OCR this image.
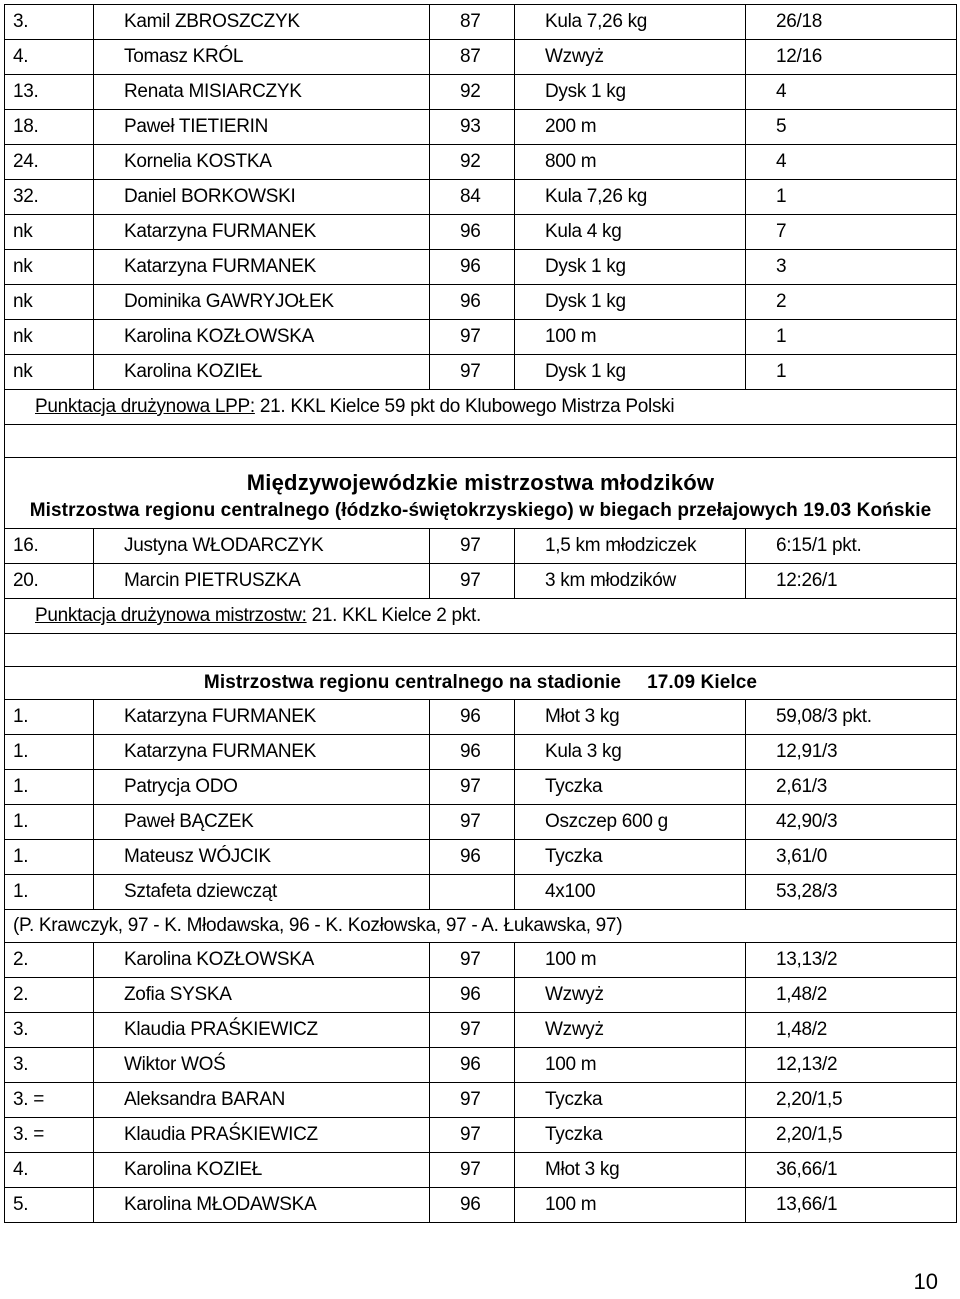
3.	Kamil ZBROSZCZYK	87	Kula 7,26 kg	26/18
4.	Tomasz KRÓL	87	Wzwyż	12/16
13.	Renata MISIARCZYK	92	Dysk 1 kg	4
18.	Paweł TIETIERIN	93	200 m	5
24.	Kornelia KOSTKA	92	800 m	4
32.	Daniel BORKOWSKI	84	Kula 7,26 kg	1
nk	Katarzyna FURMANEK	96	Kula 4 kg	7
nk	Katarzyna FURMANEK	96	Dysk 1 kg	3
nk	Dominika GAWRYJOŁEK	96	Dysk 1 kg	2
nk	Karolina KOZŁOWSKA	97	100 m	1
nk	Karolina KOZIEŁ	97	Dysk 1 kg	1
Punktacja drużynowa LPP: 21. KKL Kielce 59 pkt do Klubowego Mistrza Polski				

Międzywojewódzkie mistrzostwa młodzików
Mistrzostwa regionu centralnego (łódzko-świętokrzyskiego) w biegach przełajowych 19.03 Końskie				

16.	Justyna WŁODARCZYK	97	1,5 km młodziczek	6:15/1 pkt.
20.	Marcin PIETRUSZKA	97	3 km młodzików	12:26/1
Punktacja drużynowa mistrzostw: 21. KKL Kielce 2 pkt.				

Mistrzostwa regionu centralnego na stadionie 17.09 Kielce				
1.	Katarzyna FURMANEK	96	Młot 3 kg	59,08/3 pkt.
1.	Katarzyna FURMANEK	96	Kula 3 kg	12,91/3
1.	Patrycja ODO	97	Tyczka	2,61/3
1.	Paweł BĄCZEK	97	Oszczep 600 g	42,90/3
1.	Mateusz WÓJCIK	96	Tyczka	3,61/0
1.	Sztafeta dziewcząt		4x100	53,28/3
(P. Krawczyk, 97 - K. Młodawska, 96 - K. Kozłowska, 97 - A. Łukawska, 97)				
2.	Karolina KOZŁOWSKA	97	100 m	13,13/2
2.	Zofia SYSKA	96	Wzwyż	1,48/2
3.	Klaudia PRAŚKIEWICZ	97	Wzwyż	1,48/2
3.	Wiktor WOŚ	96	100 m	12,13/2
3. =	Aleksandra BARAN	97	Tyczka	2,20/1,5
3. =	Klaudia PRAŚKIEWICZ	97	Tyczka	2,20/1,5
4.	Karolina KOZIEŁ	97	Młot 3 kg	36,66/1
5.	Karolina MŁODAWSKA	96	100 m	13,66/1
10
